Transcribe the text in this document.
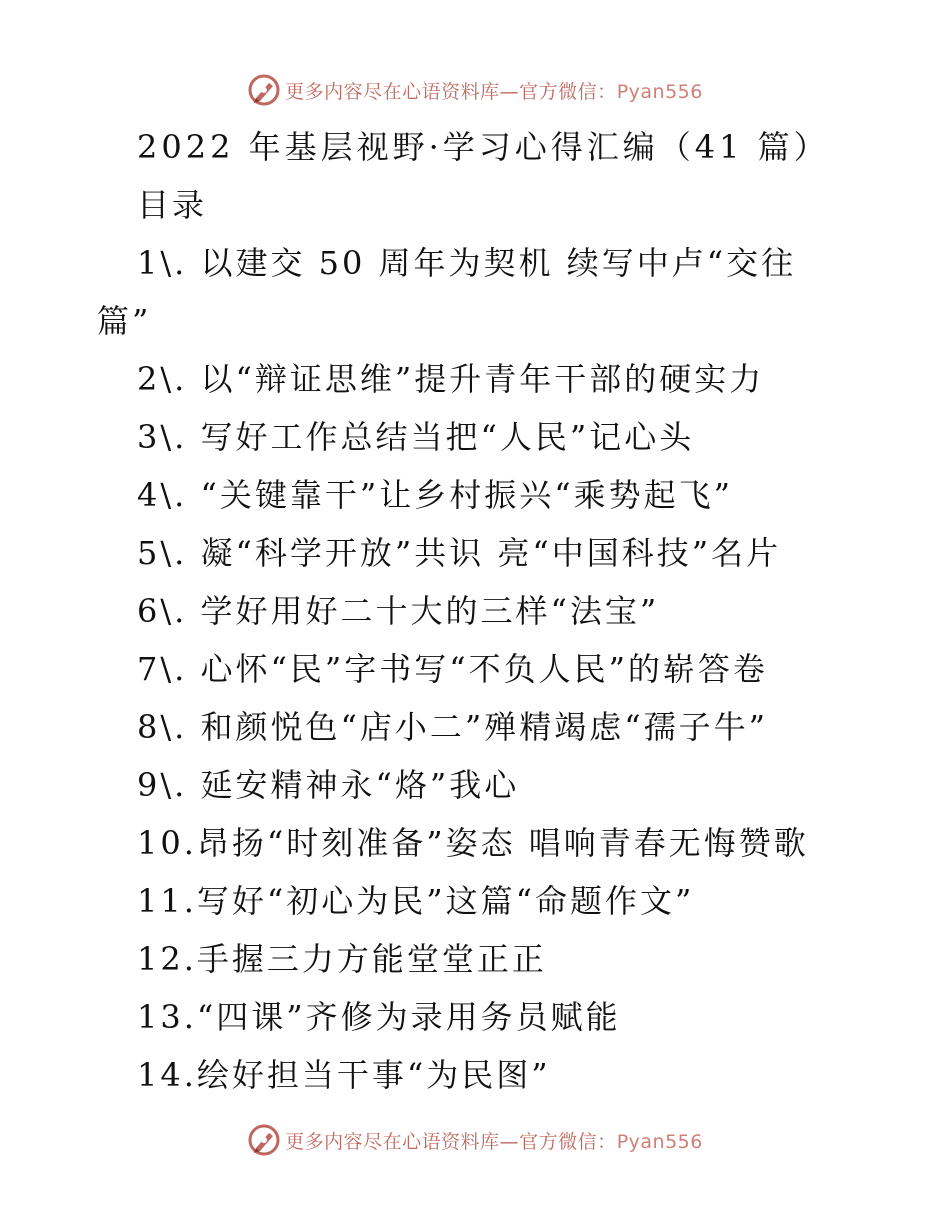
更多内容尽在心语资料库—官方微信：Pyan556
2022 年基层视野·学习心得汇编（41 篇）
目录
1\. 以建交 50 周年为契机 续写中卢“交往
篇”
2\. 以“辩证思维”提升青年干部的硬实力
3\. 写好工作总结当把“人民”记心头
4\. “关键靠干”让乡村振兴“乘势起飞”
5\. 凝“科学开放”共识 亮“中国科技”名片
6\. 学好用好二十大的三样“法宝”
7\. 心怀“民”字书写“不负人民”的崭答卷
8\. 和颜悦色“店小二”殚精竭虑“孺子牛”
9\. 延安精神永“烙”我心
10.昂扬“时刻准备”姿态 唱响青春无悔赞歌
11.写好“初心为民”这篇“命题作文”
12.手握三力方能堂堂正正
13.“四课”齐修为录用务员赋能
14.绘好担当干事“为民图”
更多内容尽在心语资料库—官方微信：Pyan556
